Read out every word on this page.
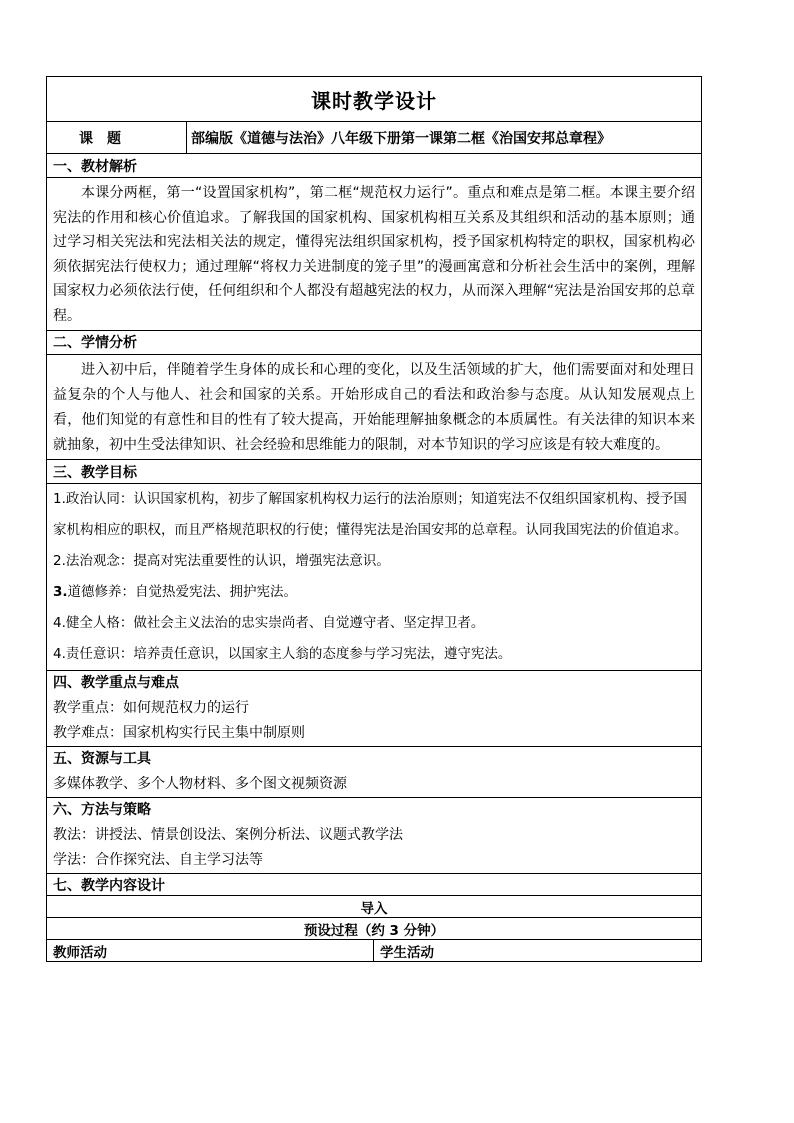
课时教学设计		
课　题	部编版《道德与法治》八年级下册第一课第二框《治国安邦总章程》	
一、教材解析		
本课分两框，第一“设置国家机构”，第二框“规范权力运行”。重点和难点是第二框。本课主要介绍宪法的作用和核心价值追求。了解我国的国家机构、国家机构相互关系及其组织和活动的基本原则；通过学习相关宪法和宪法相关法的规定，懂得宪法组织国家机构，授予国家机构特定的职权，国家机构必须依据宪法行使权力；通过理解“将权力关进制度的笼子里”的漫画寓意和分析社会生活中的案例，理解国家权力必须依法行使，任何组织和个人都没有超越宪法的权力，从而深入理解“宪法是治国安邦的总章程。		
二、学情分析		
进入初中后，伴随着学生身体的成长和心理的变化，以及生活领域的扩大，他们需要面对和处理日益复杂的个人与他人、社会和国家的关系。开始形成自己的看法和政治参与态度。从认知发展观点上看，他们知觉的有意性和目的性有了较大提高，开始能理解抽象概念的本质属性。有关法律的知识本来就抽象，初中生受法律知识、社会经验和思维能力的限制，对本节知识的学习应该是有较大难度的。		
三、教学目标		

1.政治认同：认识国家机构，初步了解国家机构权力运行的法治原则；知道宪法不仅组织国家机构、授予国家机构相应的职权，而且严格规范职权的行使；懂得宪法是治国安邦的总章程。认同我国宪法的价值追求。
2.法治观念：提高对宪法重要性的认识，增强宪法意识。
3.道德修养：自觉热爱宪法、拥护宪法。
4.健全人格：做社会主义法治的忠实崇尚者、自觉遵守者、坚定捍卫者。
4.责任意识：培养责任意识，以国家主人翁的态度参与学习宪法，遵守宪法。		

四、教学重点与难点
教学重点：如何规范权力的运行
教学难点：国家机构实行民主集中制原则		

五、资源与工具
多媒体教学、多个人物材料、多个图文视频资源		

六、方法与策略
教法：讲授法、情景创设法、案例分析法、议题式教学法
学法：合作探究法、自主学习法等		

七、教学内容设计		
导入		
预设过程（约 3 分钟）		
教师活动		学生活动
